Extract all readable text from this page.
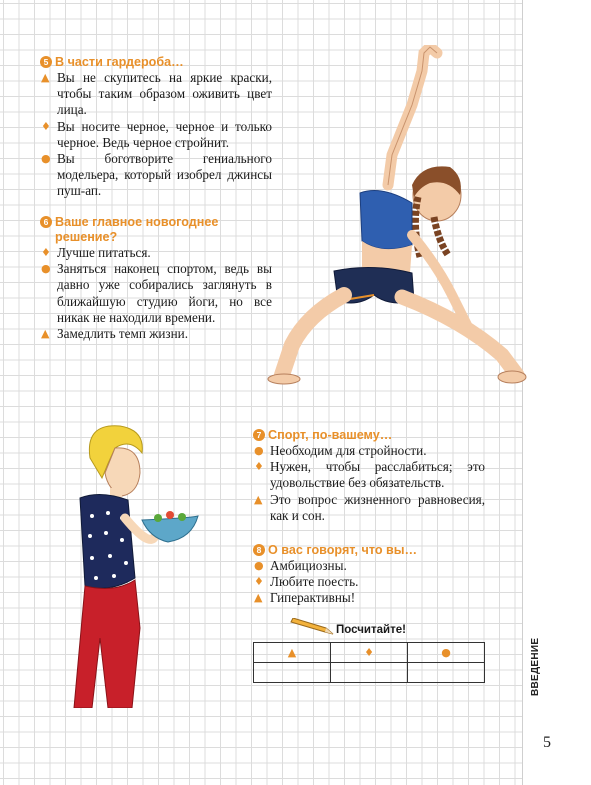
5 В части гардероба…
▲ Вы не скупитесь на яркие краски, чтобы таким образом оживить цвет лица.
♦ Вы носите черное, черное и только черное. Ведь черное стройнит.
● Вы боготворите гениального модельера, который изобрел джинсы пуш-ап.
6 Ваше главное новогоднее решение?
♦ Лучше питаться.
● Заняться наконец спортом, ведь вы давно уже собирались заглянуть в ближайшую студию йоги, но все никак не находили времени.
▲ Замедлить темп жизни.
7 Спорт, по-вашему…
● Необходим для стройности.
♦ Нужен, чтобы расслабиться; это удовольствие без обязательств.
▲ Это вопрос жизненного равновесия, как и сон.
8 О вас говорят, что вы…
● Амбициозны.
♦ Любите поесть.
▲ Гиперактивны!
Посчитайте!
▲	♦	●
			ВВЕДЕНИЕ
5
